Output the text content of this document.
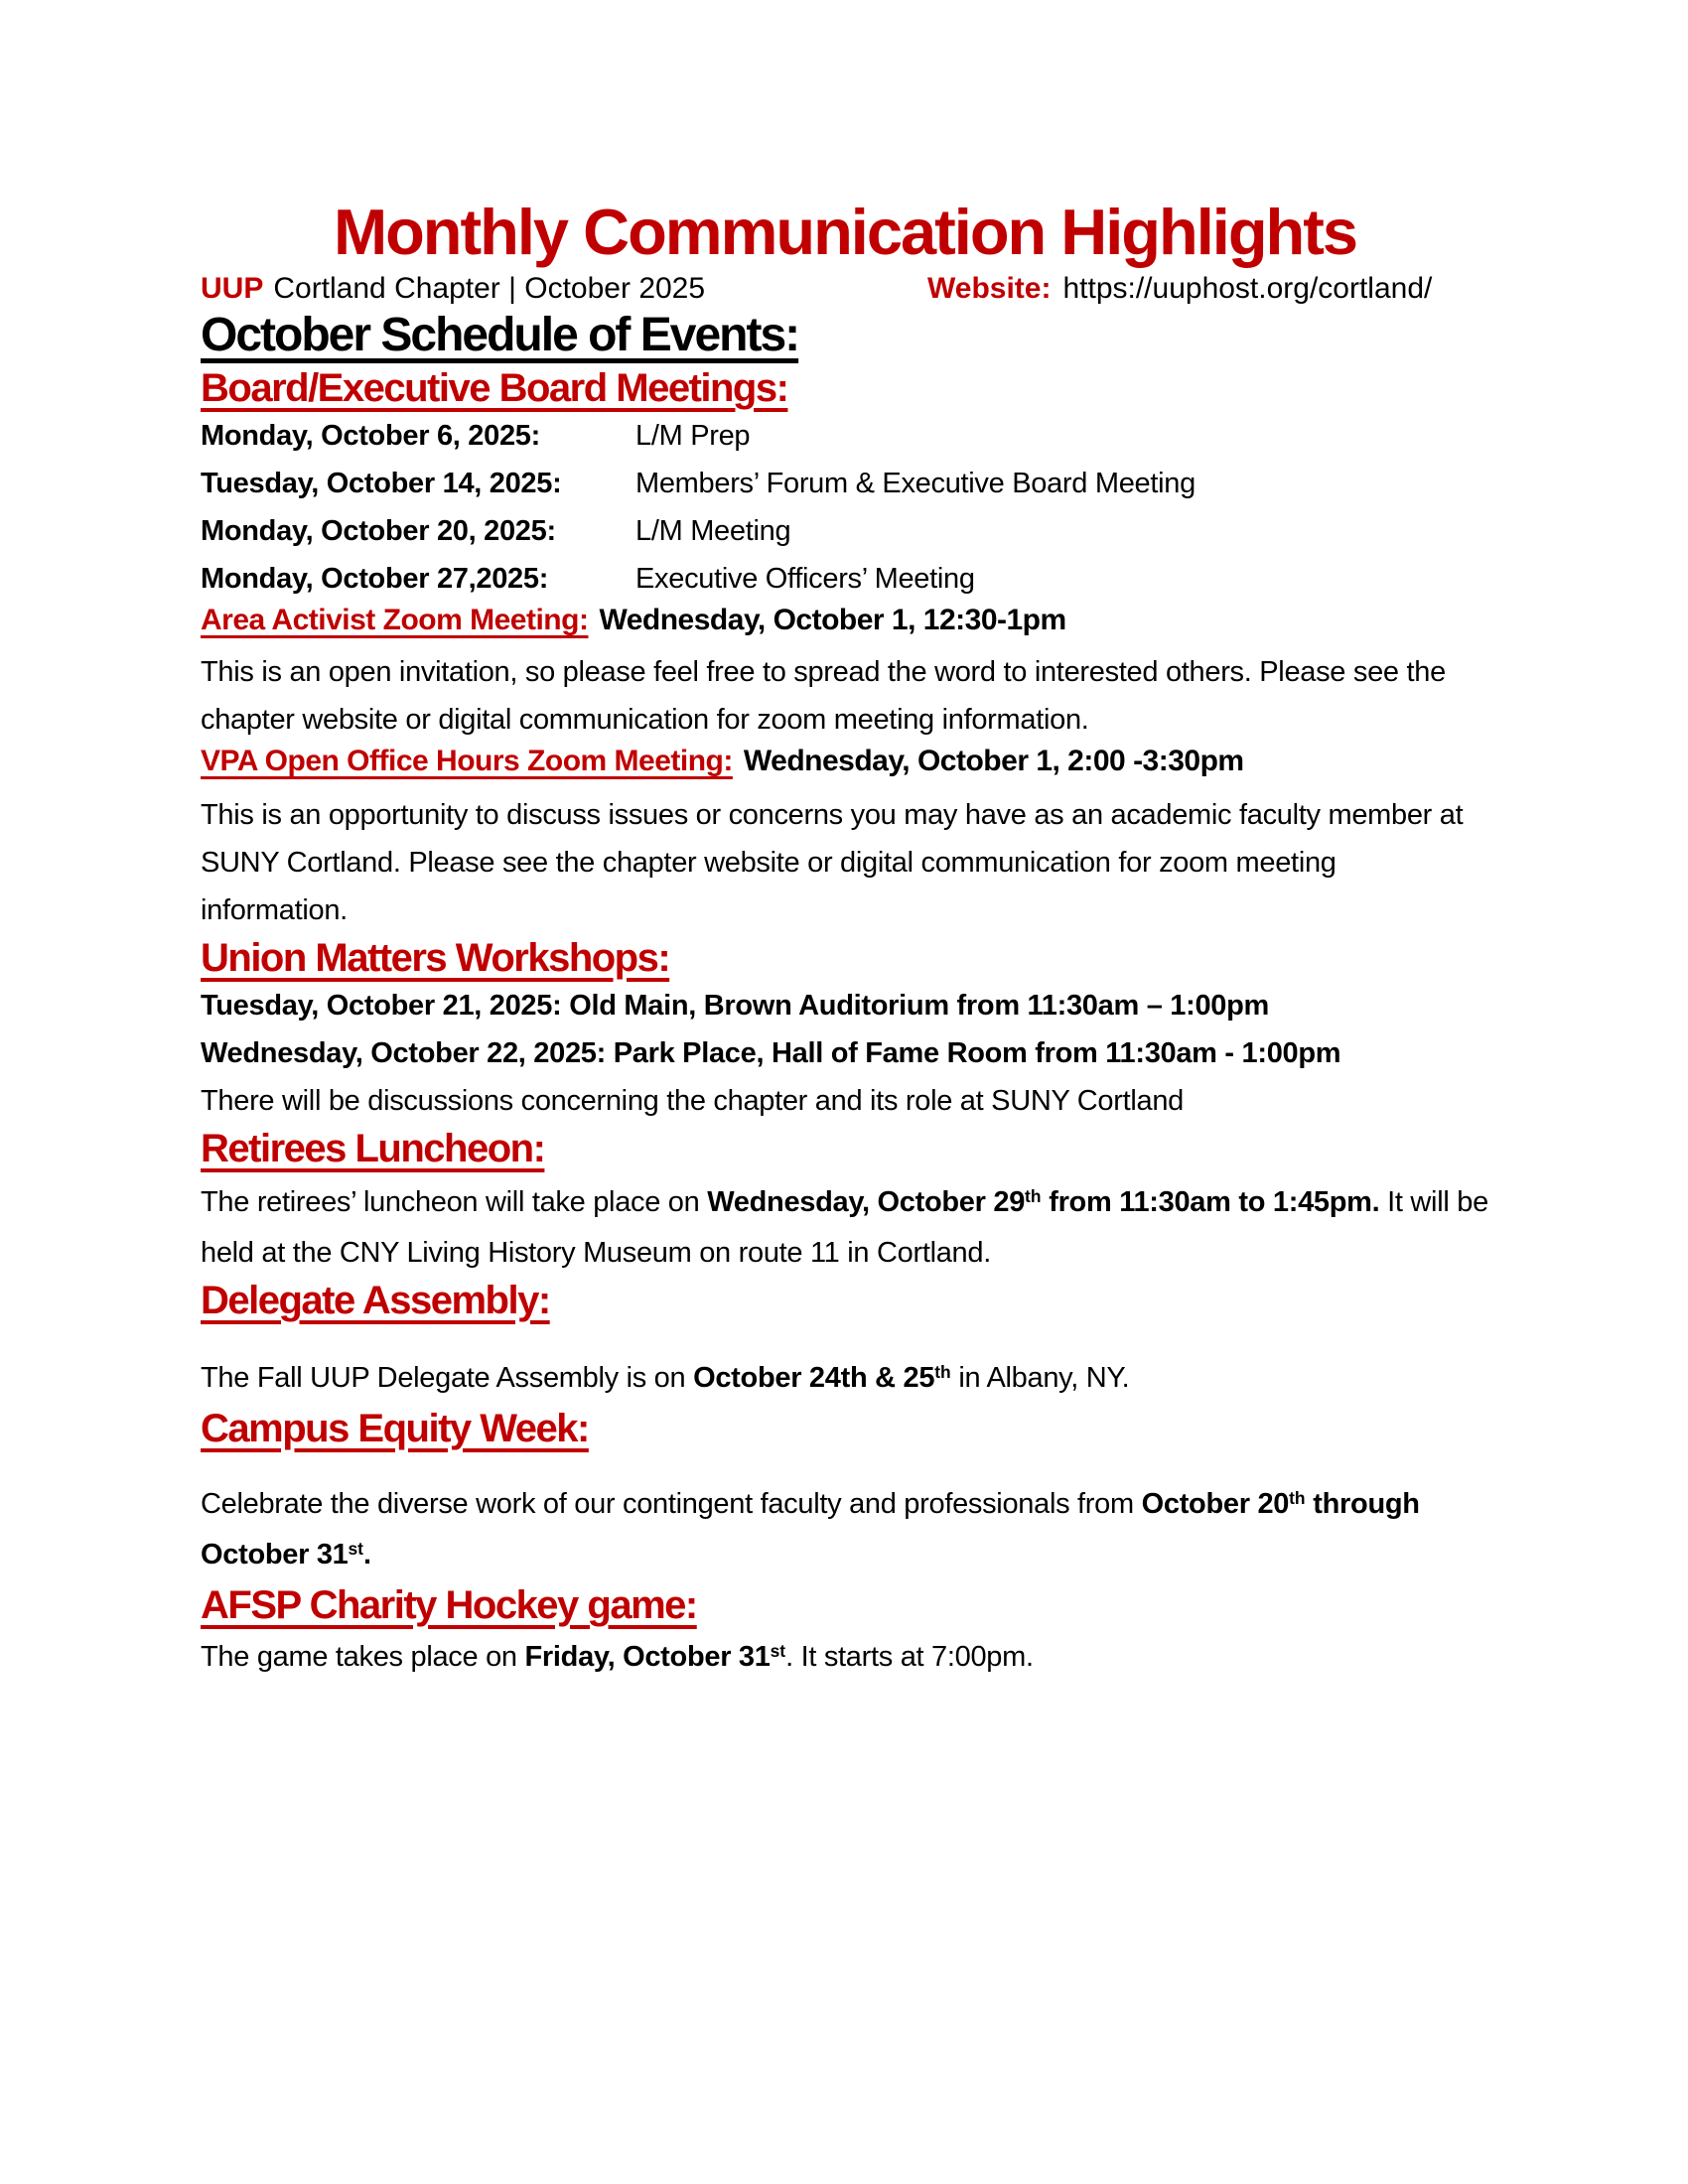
Monthly Communication Highlights
UUP Cortland Chapter | October 2025	Website: https://uuphost.org/cortland/
October Schedule of Events:
Board/Executive Board Meetings:
Monday, October 6, 2025:	L/M Prep
Tuesday, October 14, 2025:	Members’ Forum & Executive Board Meeting
Monday, October 20, 2025:	L/M Meeting
Monday, October 27,2025:	Executive Officers’ Meeting
Area Activist Zoom Meeting: Wednesday, October 1, 12:30-1pm
This is an open invitation, so please feel free to spread the word to interested others. Please see the chapter website or digital communication for zoom meeting information.
VPA Open Office Hours Zoom Meeting: Wednesday, October 1, 2:00 -3:30pm
This is an opportunity to discuss issues or concerns you may have as an academic faculty member at SUNY Cortland. Please see the chapter website or digital communication for zoom meeting information.
Union Matters Workshops:
Tuesday, October 21, 2025: Old Main, Brown Auditorium from 11:30am – 1:00pm
Wednesday, October 22, 2025: Park Place, Hall of Fame Room from 11:30am - 1:00pm
There will be discussions concerning the chapter and its role at SUNY Cortland
Retirees Luncheon:
The retirees’ luncheon will take place on Wednesday, October 29th from 11:30am to 1:45pm. It will be held at the CNY Living History Museum on route 11 in Cortland.
Delegate Assembly:
The Fall UUP Delegate Assembly is on October 24th & 25th in Albany, NY.
Campus Equity Week:
Celebrate the diverse work of our contingent faculty and professionals from October 20th through October 31st.
AFSP Charity Hockey game:
The game takes place on Friday, October 31st. It starts at 7:00pm.
